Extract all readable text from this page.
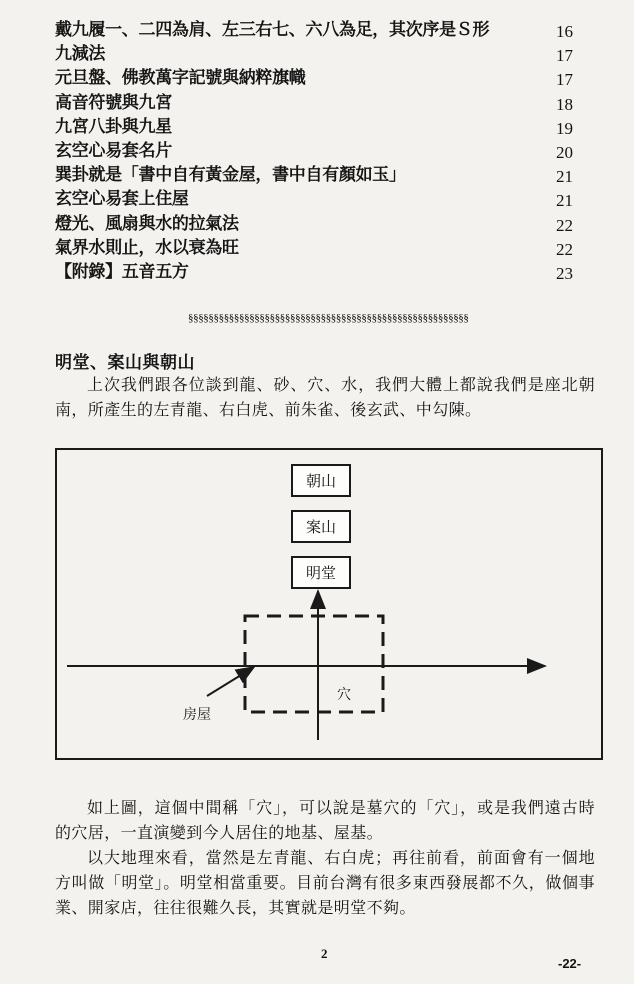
戴九履一、二四為肩、左三右七、六八為足，其次序是Ｓ形	16
九減法	17
元旦盤、佛教萬字記號與納粹旗幟	17
高音符號與九宮	18
九宮八卦與九星	19
玄空心易套名片	20
巽卦就是「書中自有黃金屋，書中自有顏如玉」	21
玄空心易套上住屋	21
燈光、風扇與水的拉氣法	22
氣界水則止，水以衰為旺	22
【附錄】五音五方	23
§§§§§§§§§§§§§§§§§§§§§§§§§§§§§§§§§§§§§§§§§§§§§§§§§§§§§§§
明堂、案山與朝山

上次我們跟各位談到龍、砂、穴、水，我們大體上都說我們是座北朝南，所產生的左青龍、右白虎、前朱雀、後玄武、中勾陳。

朝山
案山
明堂
房屋
穴

如上圖，這個中間稱「穴」，可以說是墓穴的「穴」，或是我們遠古時的穴居，一直演變到今人居住的地基、屋基。

以大地理來看，當然是左青龍、右白虎；再往前看，前面會有一個地方叫做「明堂」。明堂相當重要。目前台灣有很多東西發展都不久，做個事業、開家店，往往很難久長，其實就是明堂不夠。

2
-22-
